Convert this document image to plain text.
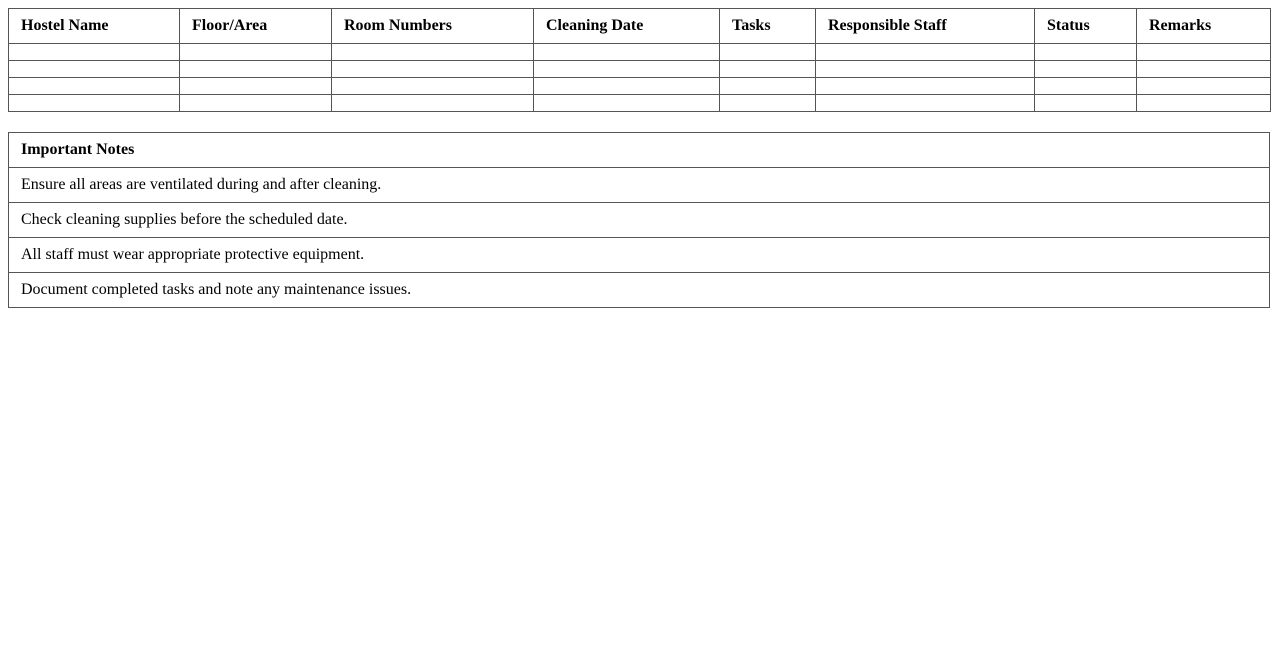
Hostel Name	Floor/Area	Room Numbers	Cleaning Date	Tasks	Responsible Staff	Status	Remarks

Important Notes
Ensure all areas are ventilated during and after cleaning.
Check cleaning supplies before the scheduled date.
All staff must wear appropriate protective equipment.
Document completed tasks and note any maintenance issues.
